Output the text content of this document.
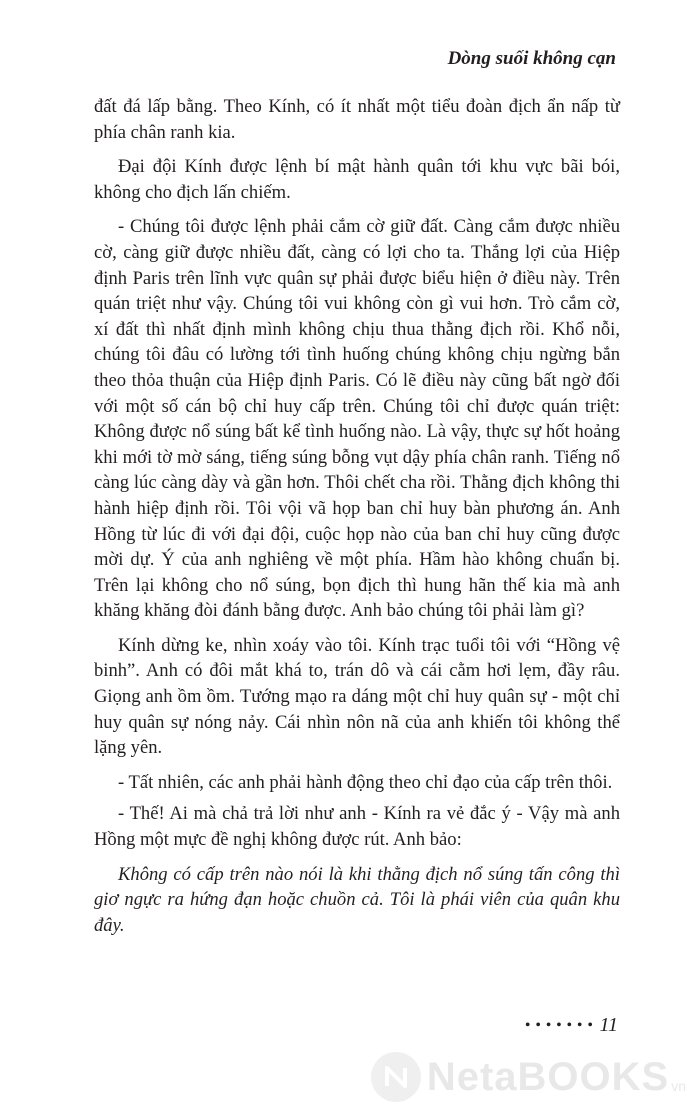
Dòng suối không cạn

đất đá lấp bằng. Theo Kính, có ít nhất một tiểu đoàn địch ẩn nấp từ phía chân ranh kia.

Đại đội Kính được lệnh bí mật hành quân tới khu vực bãi bói, không cho địch lấn chiếm.

- Chúng tôi được lệnh phải cắm cờ giữ đất. Càng cắm được nhiều cờ, càng giữ được nhiều đất, càng có lợi cho ta. Thắng lợi của Hiệp định Paris trên lĩnh vực quân sự phải được biểu hiện ở điều này. Trên quán triệt như vậy. Chúng tôi vui không còn gì vui hơn. Trò cắm cờ, xí đất thì nhất định mình không chịu thua thằng địch rồi. Khổ nỗi, chúng tôi đâu có lường tới tình huống chúng không chịu ngừng bắn theo thỏa thuận của Hiệp định Paris. Có lẽ điều này cũng bất ngờ đối với một số cán bộ chỉ huy cấp trên. Chúng tôi chỉ được quán triệt: Không được nổ súng bất kể tình huống nào. Là vậy, thực sự hốt hoảng khi mới tờ mờ sáng, tiếng súng bỗng vụt dậy phía chân ranh. Tiếng nổ càng lúc càng dày và gần hơn. Thôi chết cha rồi. Thằng địch không thi hành hiệp định rồi. Tôi vội vã họp ban chỉ huy bàn phương án. Anh Hồng từ lúc đi với đại đội, cuộc họp nào của ban chỉ huy cũng được mời dự. Ý của anh nghiêng về một phía. Hầm hào không chuẩn bị. Trên lại không cho nổ súng, bọn địch thì hung hãn thế kia mà anh khăng khăng đòi đánh bằng được. Anh bảo chúng tôi phải làm gì?

Kính dừng ke, nhìn xoáy vào tôi. Kính trạc tuổi tôi với “Hồng vệ binh”. Anh có đôi mắt khá to, trán dô và cái cằm hơi lẹm, đầy râu. Giọng anh ồm ồm. Tướng mạo ra dáng một chỉ huy quân sự - một chỉ huy quân sự nóng nảy. Cái nhìn nôn nã của anh khiến tôi không thể lặng yên.

- Tất nhiên, các anh phải hành động theo chỉ đạo của cấp trên thôi.

- Thế! Ai mà chả trả lời như anh - Kính ra vẻ đắc ý - Vậy mà anh Hồng một mực đề nghị không được rút. Anh bảo:

Không có cấp trên nào nói là khi thằng địch nổ súng tấn công thì giơ ngực ra hứng đạn hoặc chuồn cả. Tôi là phái viên của quân khu đây.

• • • • • • • 11
NetaBOOKS vn
